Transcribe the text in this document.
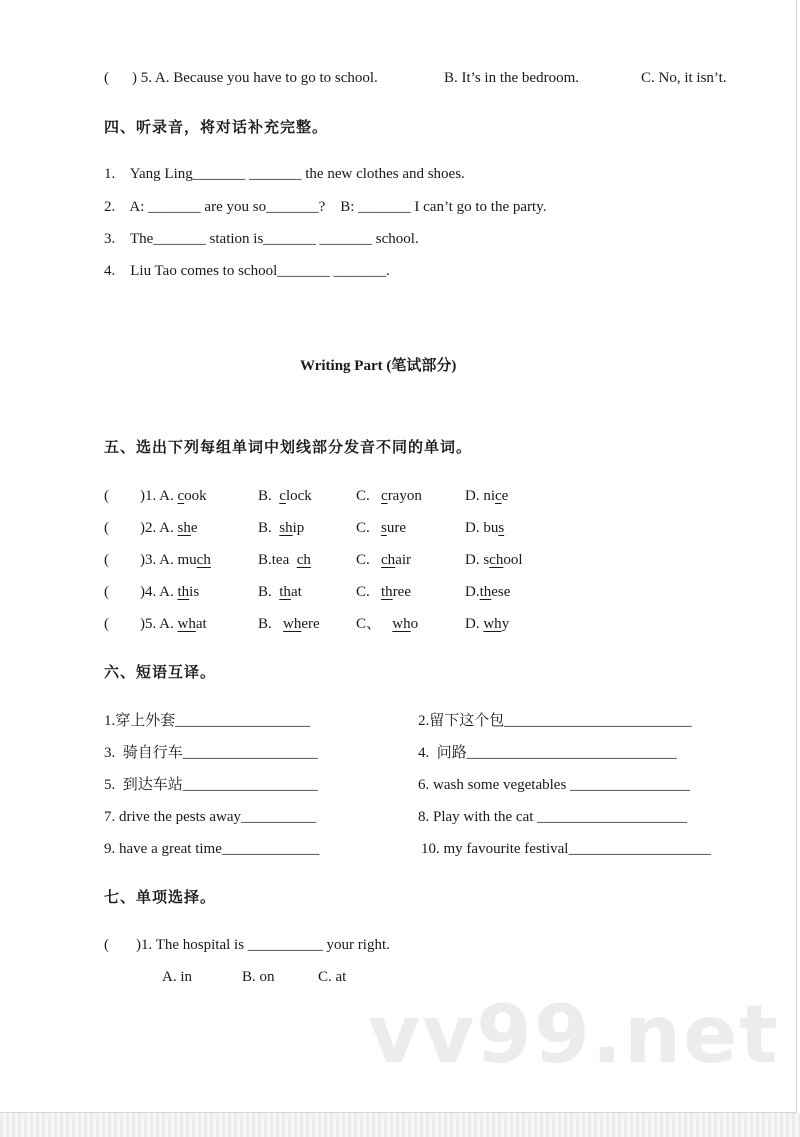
( ) 5. A. Because you have to go to school.	B. It’s in the bedroom.	C. No, it isn’t.
四、听录音，将对话补充完整。
1.    Yang Ling_______ _______ the new clothes and shoes.
2.    A: _______ are you so_______?    B: _______ I can’t go to the party.
3.    The_______ station is_______ _______ school.
4.    Liu Tao comes to school_______ _______.
Writing Part (笔试部分)
五、选出下列每组单词中划线部分发音不同的单词。
( )1. A. cook	B. clock	C. crayon	D. nice
( )2. A. she	B. ship	C. sure	D. bus
( )3. A. much	B.tea ch	C. chair	D. school
( )4. A. this	B. that	C. three	D.these
( )5. A. what	B.   where C、 who	D. why
六、短语互译。
1.穿上外套__________________	2.留下这个包_________________________
3.  骑自行车__________________	4.  问路____________________________
5.  到达车站__________________	6. wash some vegetables ________________
7. drive the pests away__________	8. Play with the cat ____________________
9. have a great time_____________	10. my favourite festival___________________
七、单项选择。
( )1. The hospital is __________ your right.
A. in	B. on	C. at
vv99.net
